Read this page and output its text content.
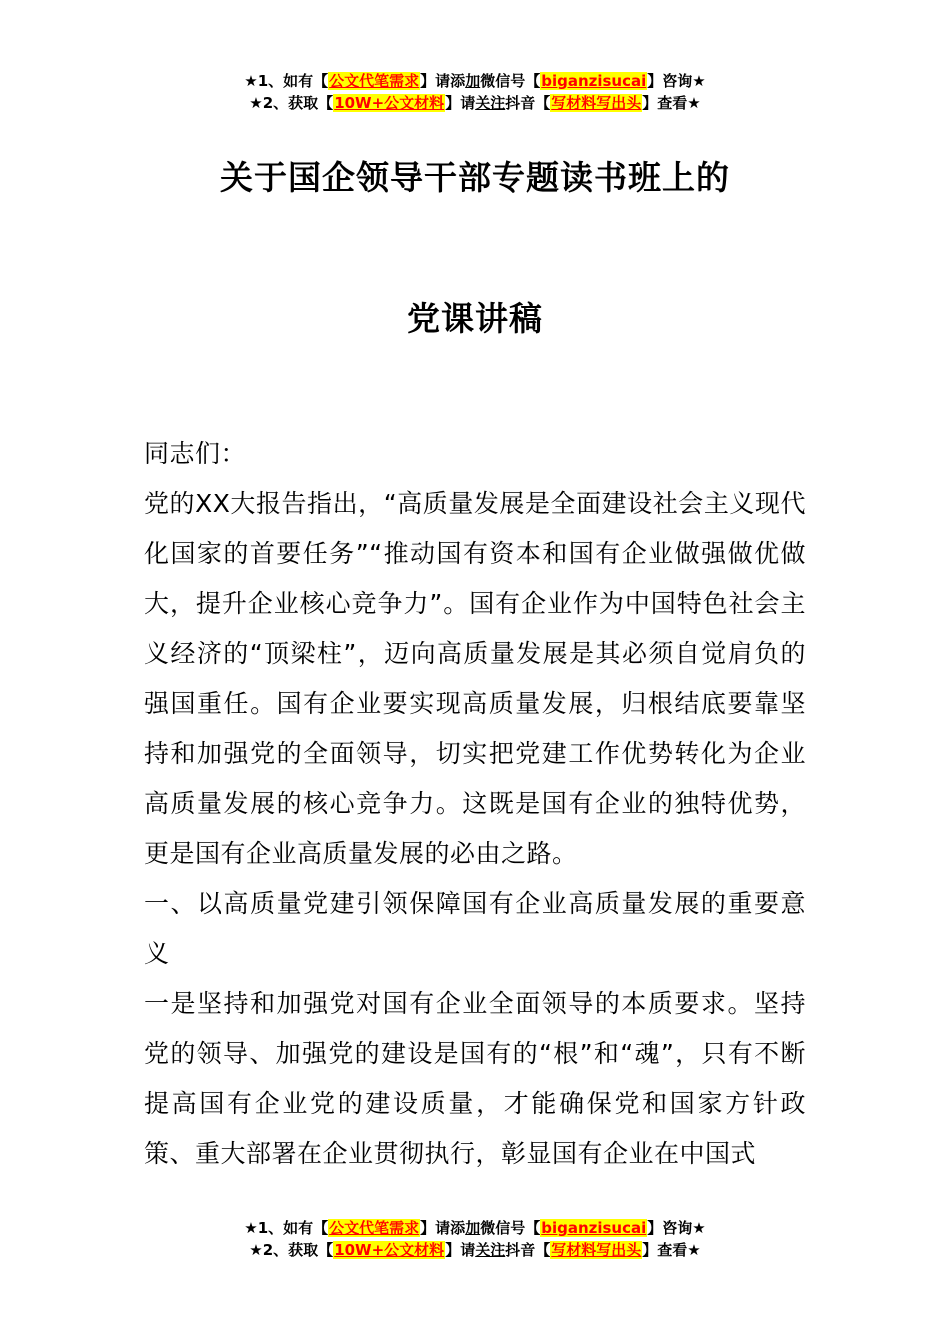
★1、如有【公文代笔需求】请添加微信号【biganzisucai】咨询★
★2、获取【10W+公文材料】请关注抖音【写材料写出头】查看★
关于国企领导干部专题读书班上的
党课讲稿

同志们：

党的XX大报告指出，“高质量发展是全面建设社会主义现代化国家的首要任务”“推动国有资本和国有企业做强做优做大，提升企业核心竞争力”。国有企业作为中国特色社会主义经济的“顶梁柱”，迈向高质量发展是其必须自觉肩负的强国重任。国有企业要实现高质量发展，归根结底要靠坚持和加强党的全面领导，切实把党建工作优势转化为企业高质量发展的核心竞争力。这既是国有企业的独特优势，更是国有企业高质量发展的必由之路。

一、以高质量党建引领保障国有企业高质量发展的重要意义

一是坚持和加强党对国有企业全面领导的本质要求。坚持党的领导、加强党的建设是国有的“根”和“魂”，只有不断提高国有企业党的建设质量，才能确保党和国家方针政策、重大部署在企业贯彻执行，彰显国有企业在中国式

★1、如有【公文代笔需求】请添加微信号【biganzisucai】咨询★
★2、获取【10W+公文材料】请关注抖音【写材料写出头】查看★
